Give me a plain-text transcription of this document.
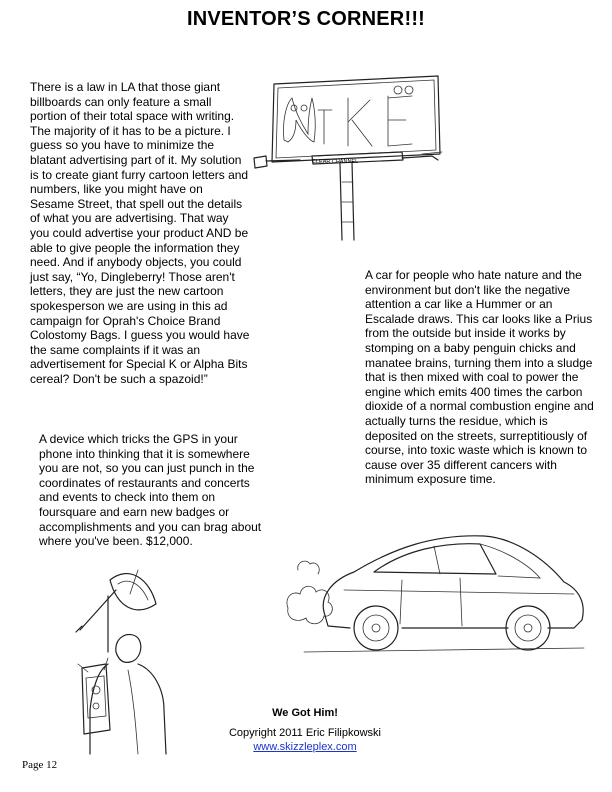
INVENTOR’S CORNER!!!

There is a law in LA that those giant billboards can only feature a small portion of their total space with writing. The majority of it has to be a picture. I guess so you have to minimize the blatant advertising part of it. My solution is to create giant furry cartoon letters and numbers, like you might have on Sesame Street, that spell out the details of what you are advertising. That way you could advertise your product AND be able to give people the information they need. And if anybody objects, you could just say, “Yo, Dingleberry! Those aren't letters, they are just the new cartoon spokesperson we are using in this ad campaign for Oprah's Choice Brand Colostomy Bags. I guess you would have the same complaints if it was an advertisement for Special K or Alpha Bits cereal? Don't be such a spazoid!”

CLEAR CHANNEL

A car for people who hate nature and the environment but don't like the negative attention a car like a Hummer or an Escalade draws. This car looks like a Prius from the outside but inside it works by stomping on a baby penguin chicks and manatee brains, turning them into a sludge that is then mixed with coal to power the engine which emits 400 times the carbon dioxide of a normal combustion engine and actually turns the residue, which is deposited on the streets, surreptitiously of course, into toxic waste which is known to cause over 35 different cancers with minimum exposure time.

A device which tricks the GPS in your phone into thinking that it is somewhere you are not, so you can just punch in the coordinates of restaurants and concerts and events to check into them on foursquare and earn new badges or accomplishments and you can brag about where you've been. $12,000.

We Got Him!
Copyright 2011 Eric Filipkowski
www.skizzleplex.com
Page 12
